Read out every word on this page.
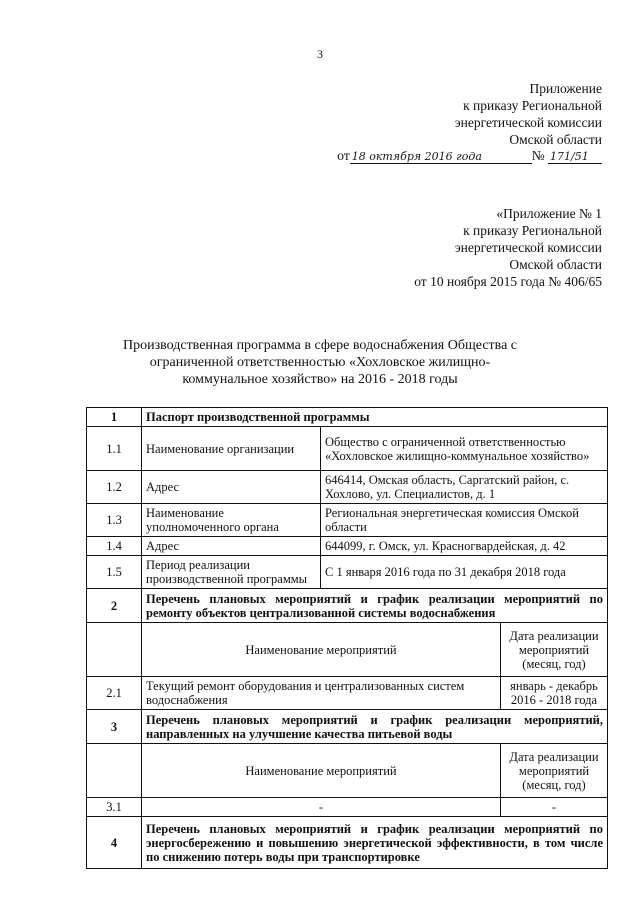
3
Приложение
к приказу Региональной
энергетической комиссии
Омской области
от 18 октября 2016 года	№ 171/51
«Приложение № 1
к приказу Региональной
энергетической комиссии
Омской области
от 10 ноября 2015 года № 406/65
Производственная программа в сфере водоснабжения Общества с ограниченной ответственностью «Хохловское жилищно-коммунальное хозяйство» на 2016 - 2018 годы
1	Паспорт производственной программы		
1.1	Наименование организации	Общество с ограниченной ответственностью «Хохловское жилищно-коммунальное хозяйство»	
1.2	Адрес	646414, Омская область, Саргатский район, с. Хохлово, ул. Специалистов, д. 1	
1.3	Наименование уполномоченного органа	Региональная энергетическая комиссия Омской области	
1.4	Адрес	644099, г. Омск, ул. Красногвардейская, д. 42	
1.5	Период реализации производственной программы	С 1 января 2016 года по 31 декабря 2018 года	
2	Перечень плановых мероприятий и график реализации мероприятий по ремонту объектов централизованной системы водоснабжения		
	Наименование мероприятий		Дата реализации мероприятий (месяц, год)
2.1	Текущий ремонт оборудования и централизованных систем водоснабжения		январь - декабрь 2016 - 2018 года
3	Перечень плановых мероприятий и график реализации мероприятий, направленных на улучшение качества питьевой воды		
	Наименование мероприятий		Дата реализации мероприятий (месяц, год)
3.1	-		-
4	Перечень плановых мероприятий и график реализации мероприятий по энергосбережению и повышению энергетической эффективности, в том числе по снижению потерь воды при транспортировке		
